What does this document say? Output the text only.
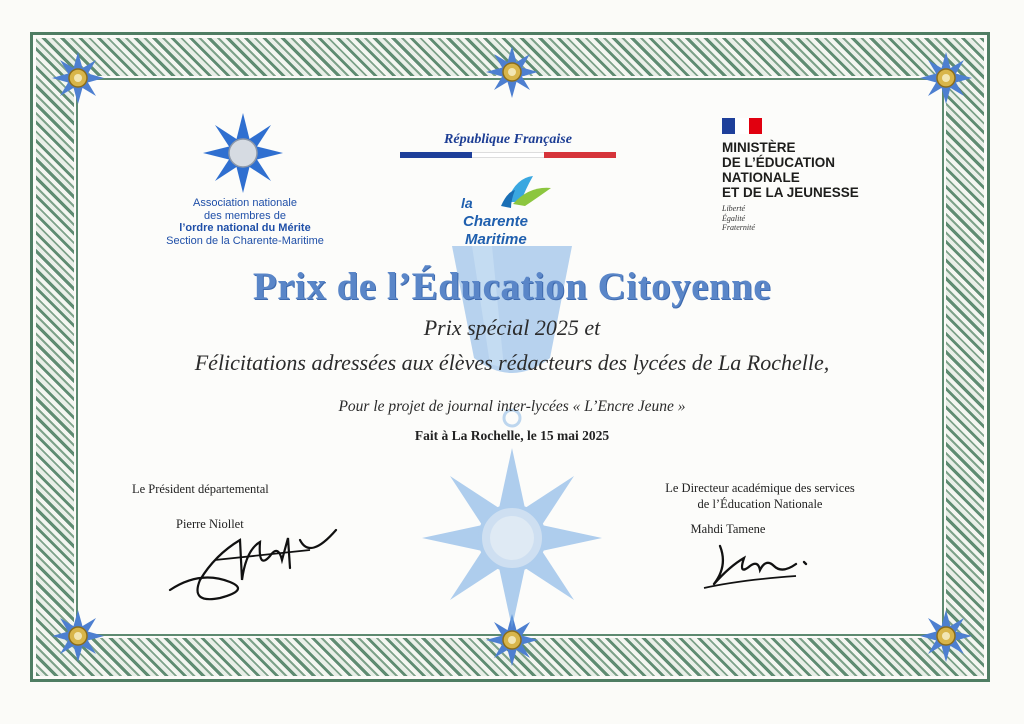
Association nationale
des membres de
l’ordre national du Mérite
Section de la Charente-Maritime
République Française
la
Charente
Maritime
MINISTÈRE
DE L’ÉDUCATION
NATIONALE
ET DE LA JEUNESSE
Liberté
Égalité
Fraternité
Prix de l’Éducation Citoyenne
Prix spécial 2025 et
Félicitations adressées aux élèves rédacteurs des lycées de La Rochelle,
Pour le projet de journal inter-lycées « L’Encre Jeune »
Fait à La Rochelle, le 15 mai 2025
Le Président départemental
Pierre Niollet
Le Directeur académique des services
de l’Éducation Nationale
Mahdi Tamene
